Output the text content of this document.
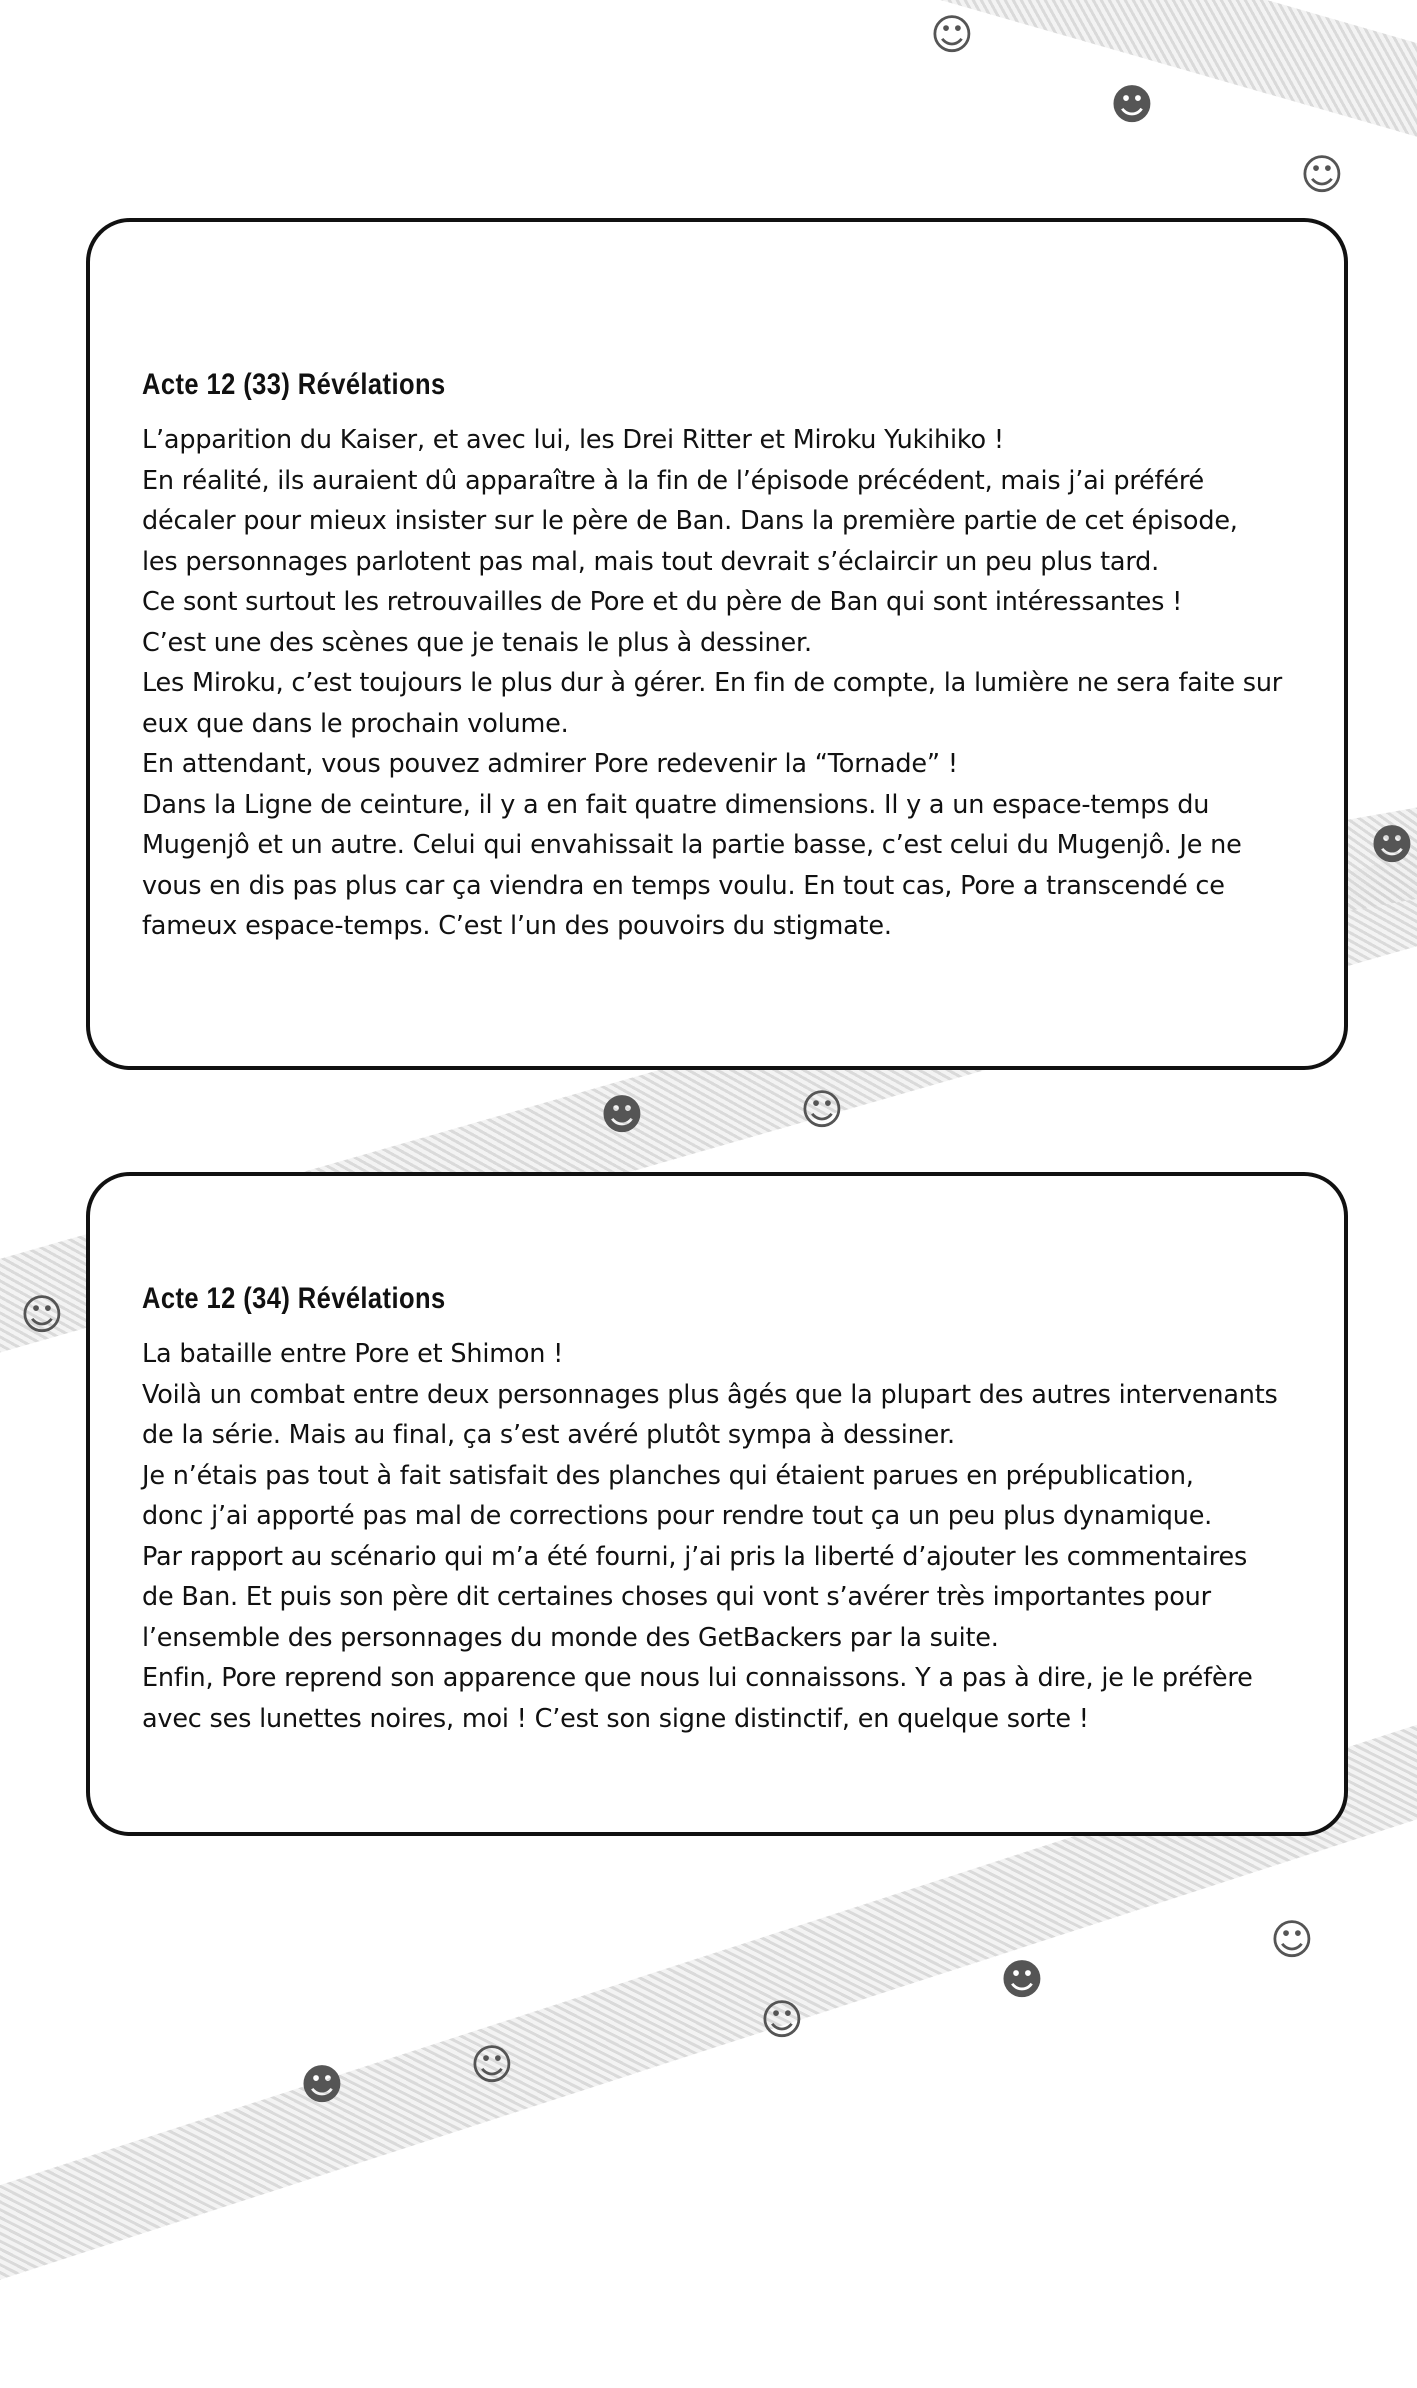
☺
☻
☺
☻
☻	☺
☺
☺
☻
☺
☺
☻
Acte 12 (33) Révélations
L’apparition du Kaiser, et avec lui, les Drei Ritter et Miroku Yukihiko !
En réalité, ils auraient dû apparaître à la fin de l’épisode précédent, mais j’ai préféré
décaler pour mieux insister sur le père de Ban. Dans la première partie de cet épisode,
les personnages parlotent pas mal, mais tout devrait s’éclaircir un peu plus tard.
Ce sont surtout les retrouvailles de Pore et du père de Ban qui sont intéressantes !
C’est une des scènes que je tenais le plus à dessiner.
Les Miroku, c’est toujours le plus dur à gérer. En fin de compte, la lumière ne sera faite sur
eux que dans le prochain volume.
En attendant, vous pouvez admirer Pore redevenir la “Tornade” !
Dans la Ligne de ceinture, il y a en fait quatre dimensions. Il y a un espace-temps du
Mugenjô et un autre. Celui qui envahissait la partie basse, c’est celui du Mugenjô. Je ne
vous en dis pas plus car ça viendra en temps voulu. En tout cas, Pore a transcendé ce
fameux espace-temps. C’est l’un des pouvoirs du stigmate.
Acte 12 (34) Révélations
La bataille entre Pore et Shimon !
Voilà un combat entre deux personnages plus âgés que la plupart des autres intervenants
de la série. Mais au final, ça s’est avéré plutôt sympa à dessiner.
Je n’étais pas tout à fait satisfait des planches qui étaient parues en prépublication,
donc j’ai apporté pas mal de corrections pour rendre tout ça un peu plus dynamique.
Par rapport au scénario qui m’a été fourni, j’ai pris la liberté d’ajouter les commentaires
de Ban. Et puis son père dit certaines choses qui vont s’avérer très importantes pour
l’ensemble des personnages du monde des GetBackers par la suite.
Enfin, Pore reprend son apparence que nous lui connaissons. Y a pas à dire, je le préfère
avec ses lunettes noires, moi ! C’est son signe distinctif, en quelque sorte !
